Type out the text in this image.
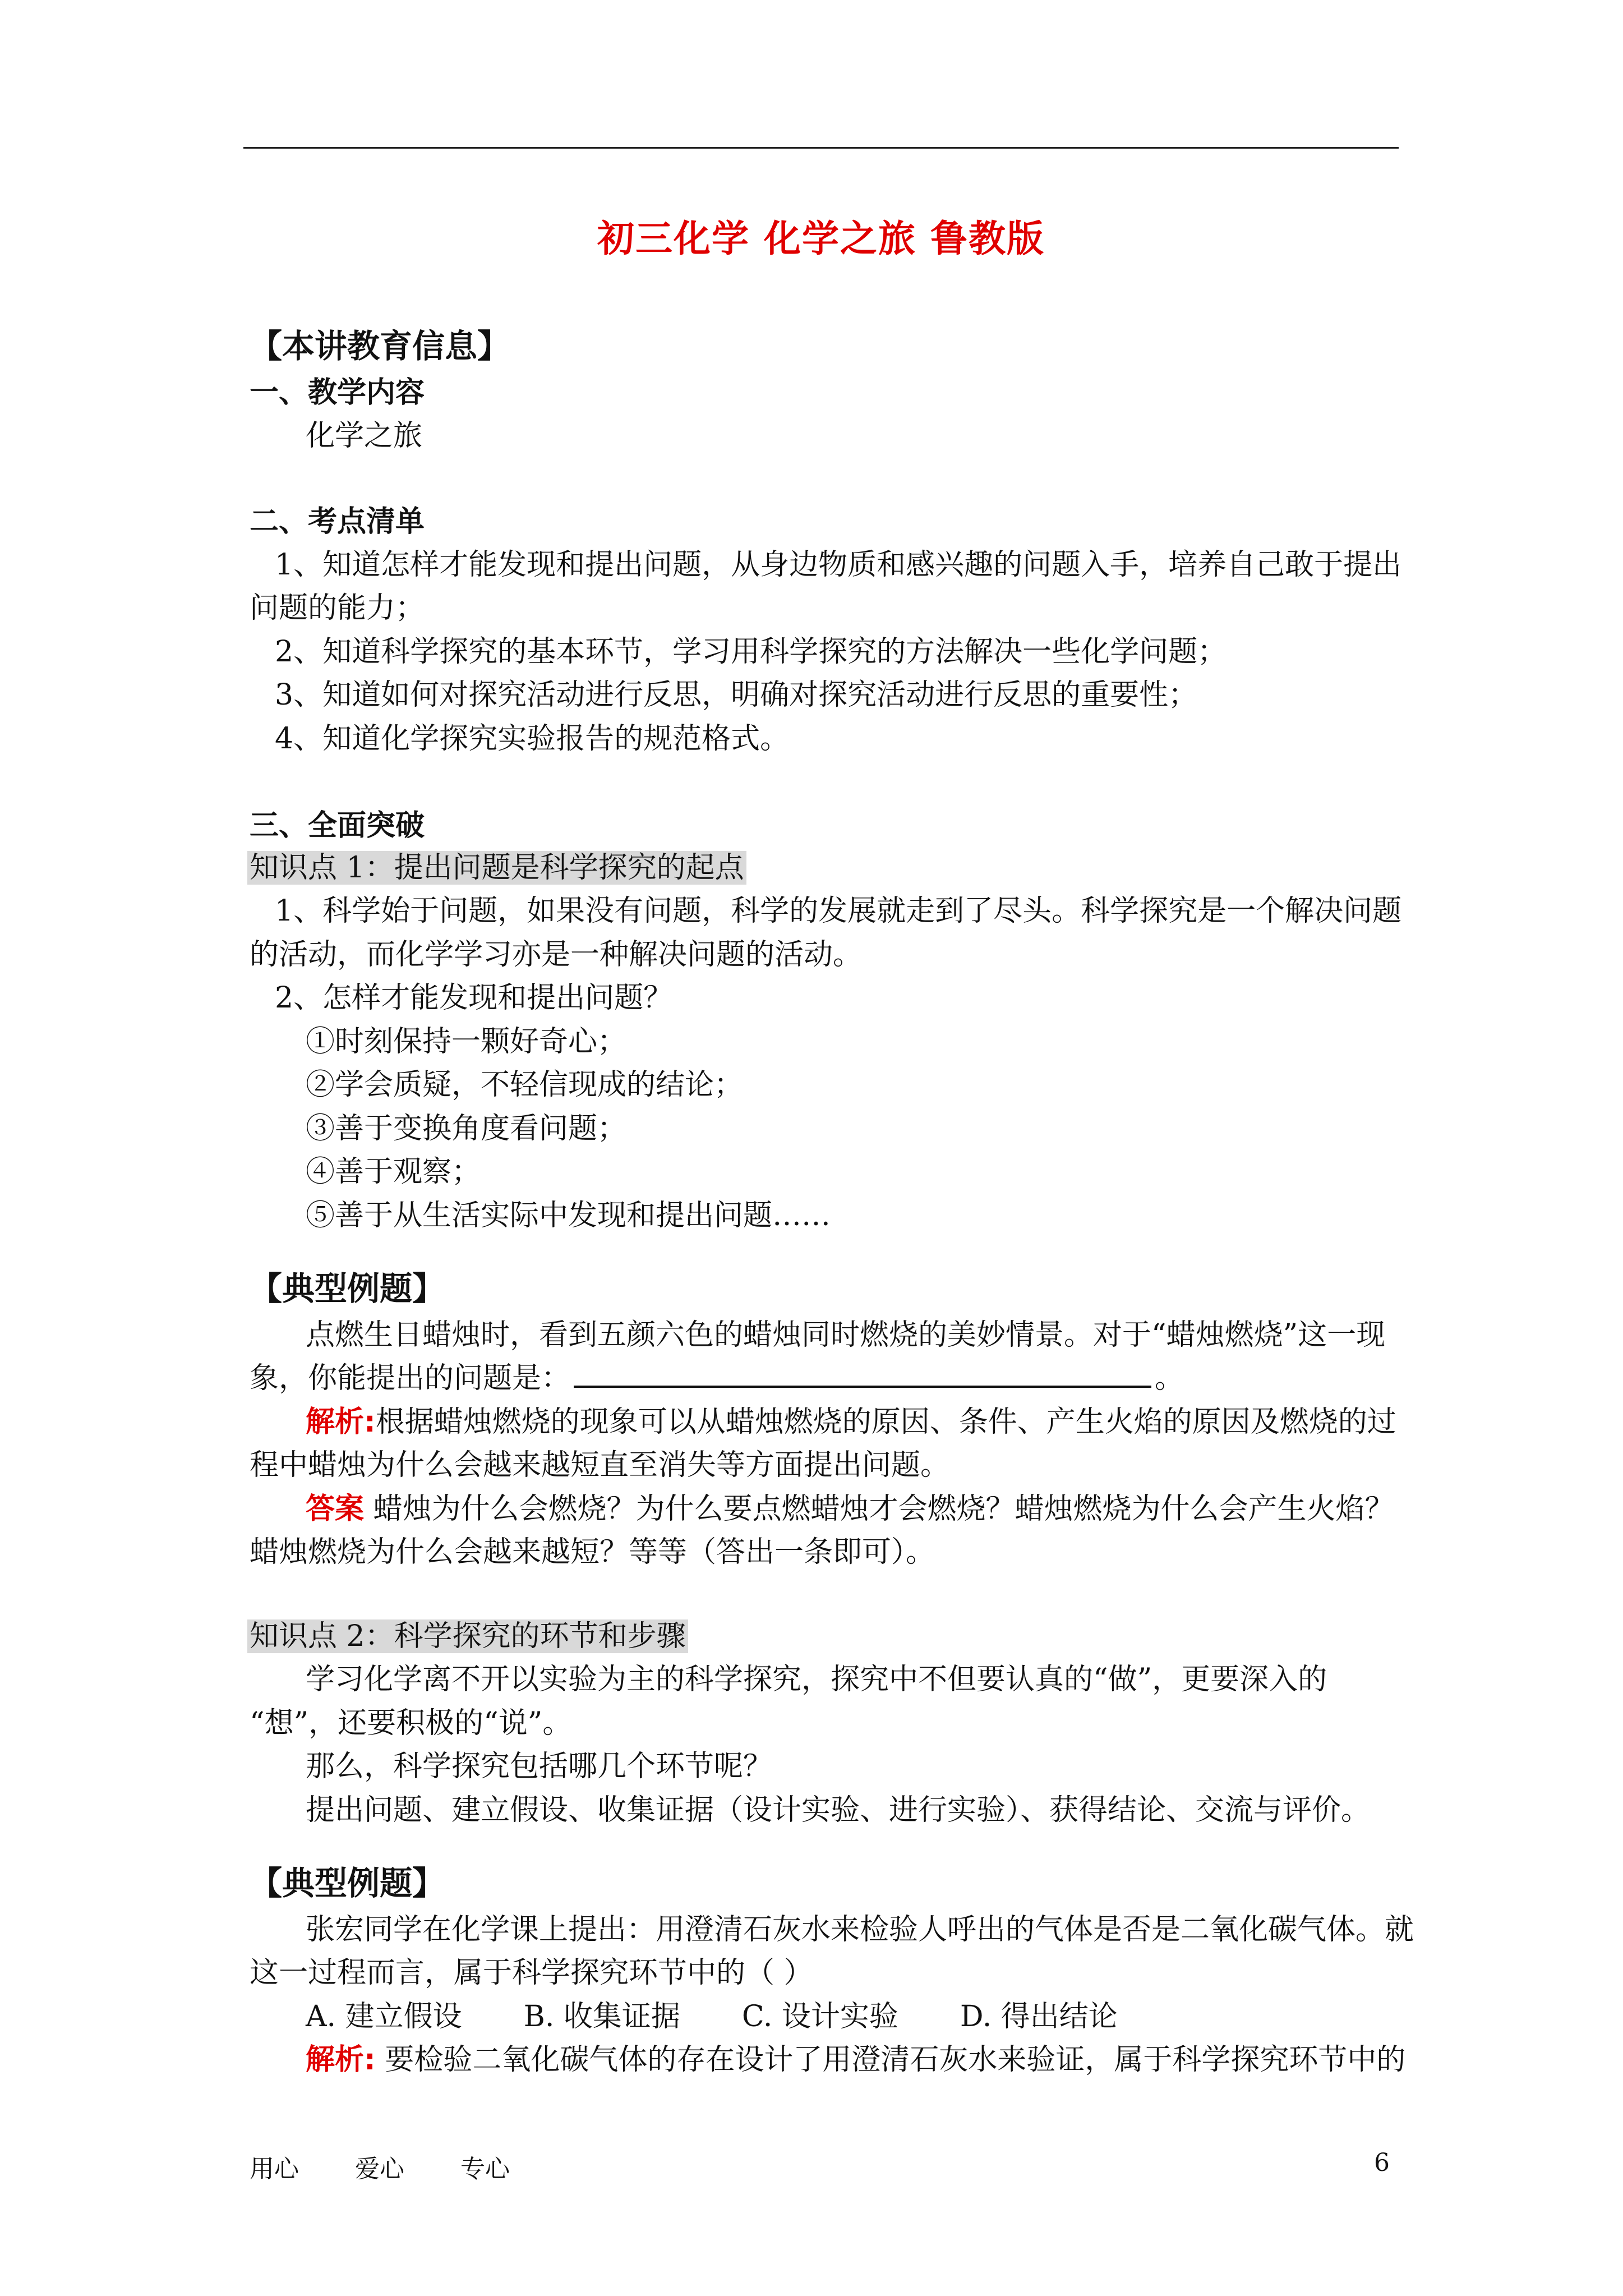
初三化学 化学之旅 鲁教版
【本讲教育信息】
一、教学内容
化学之旅
二、考点清单
1、知道怎样才能发现和提出问题，从身边物质和感兴趣的问题入手，培养自己敢于提出
问题的能力；
2、知道科学探究的基本环节，学习用科学探究的方法解决一些化学问题；
3、知道如何对探究活动进行反思，明确对探究活动进行反思的重要性；
4、知道化学探究实验报告的规范格式。
三、全面突破
知识点 1：提出问题是科学探究的起点
1、科学始于问题，如果没有问题，科学的发展就走到了尽头。科学探究是一个解决问题
的活动，而化学学习亦是一种解决问题的活动。
2、怎样才能发现和提出问题？
①时刻保持一颗好奇心；
②学会质疑，不轻信现成的结论；
③善于变换角度看问题；
④善于观察；
⑤善于从生活实际中发现和提出问题……
【典型例题】
点燃生日蜡烛时，看到五颜六色的蜡烛同时燃烧的美妙情景。对于“蜡烛燃烧”这一现
象，你能提出的问题是：	。
解析:根据蜡烛燃烧的现象可以从蜡烛燃烧的原因、条件、产生火焰的原因及燃烧的过
程中蜡烛为什么会越来越短直至消失等方面提出问题。
答案 蜡烛为什么会燃烧？为什么要点燃蜡烛才会燃烧？蜡烛燃烧为什么会产生火焰？
蜡烛燃烧为什么会越来越短？等等（答出一条即可）。
知识点 2：科学探究的环节和步骤
学习化学离不开以实验为主的科学探究，探究中不但要认真的“做”，更要深入的
“想”，还要积极的“说”。
那么，科学探究包括哪几个环节呢？
提出问题、建立假设、收集证据（设计实验、进行实验）、获得结论、交流与评价。
【典型例题】
张宏同学在化学课上提出：用澄清石灰水来检验人呼出的气体是否是二氧化碳气体。就
这一过程而言，属于科学探究环节中的（ ）
A. 建立假设 B. 收集证据 C. 设计实验 D. 得出结论
解析: 要检验二氧化碳气体的存在设计了用澄清石灰水来验证，属于科学探究环节中的
用心 爱心 专心	6
